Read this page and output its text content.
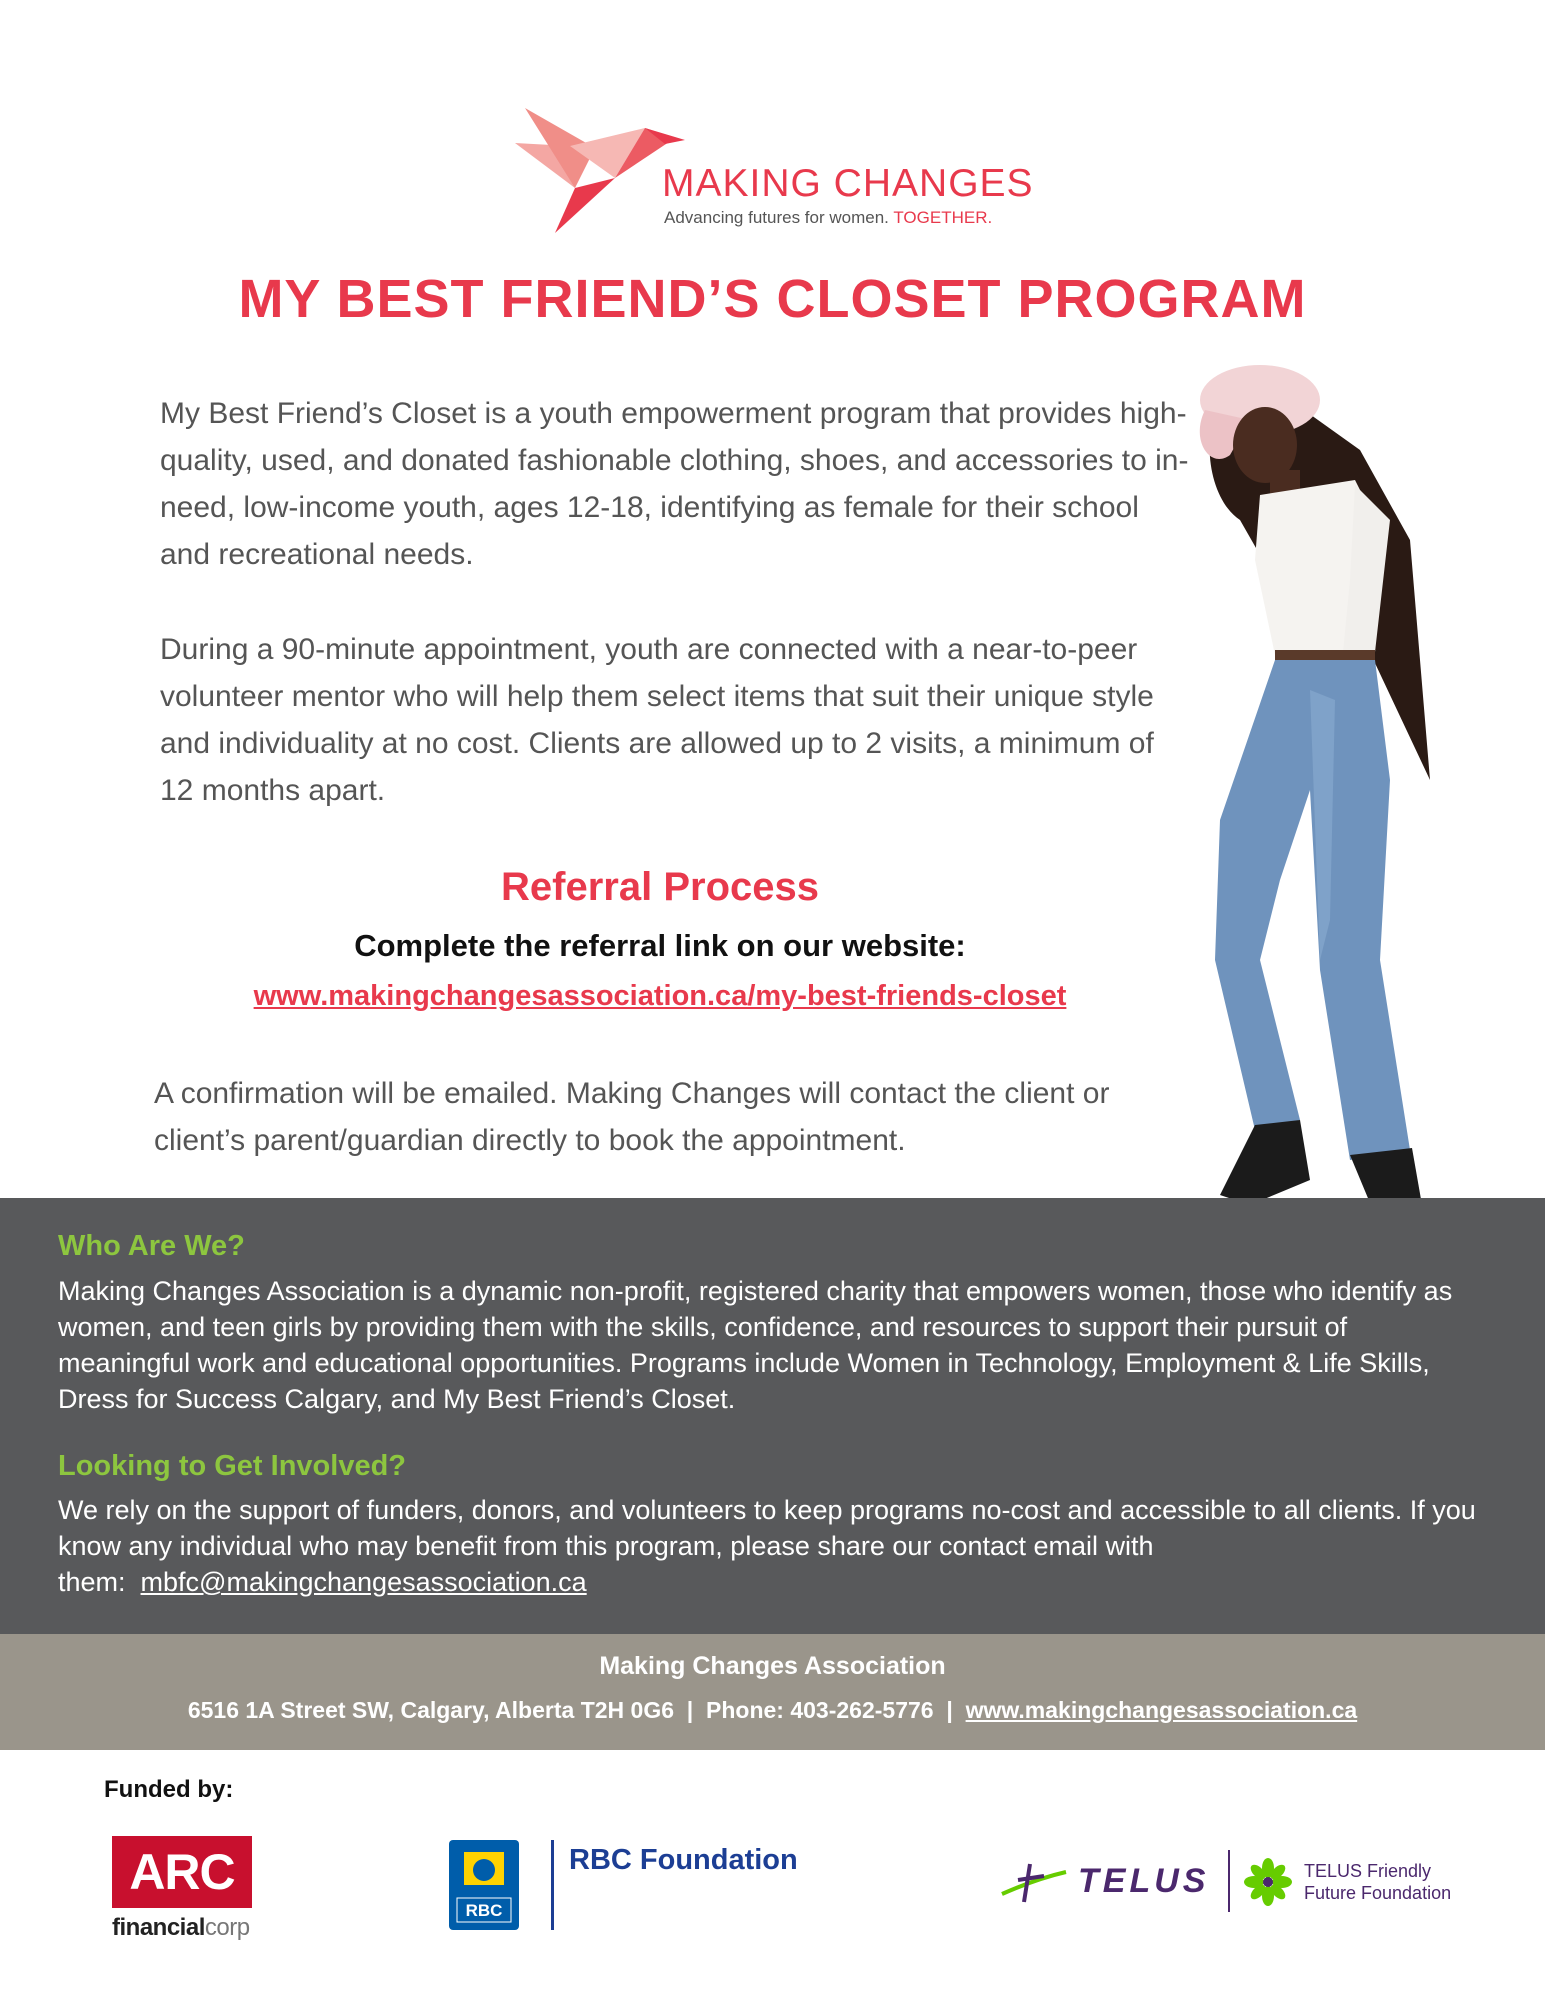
MAKING CHANGES
Advancing futures for women. TOGETHER.
MY BEST FRIEND’S CLOSET PROGRAM
My Best Friend’s Closet is a youth empowerment program that provides high-quality, used, and donated fashionable clothing, shoes, and accessories to in-need, low-income youth, ages 12-18, identifying as female for their school and recreational needs.
During a 90-minute appointment, youth are connected with a near-to-peer volunteer mentor who will help them select items that suit their unique style and individuality at no cost. Clients are allowed up to 2 visits, a minimum of 12 months apart.
Referral Process
Complete the referral link on our website:
www.makingchangesassociation.ca/my-best-friends-closet
A confirmation will be emailed. Making Changes will contact the client or client’s parent/guardian directly to book the appointment.
Who Are We?
Making Changes Association is a dynamic non-profit, registered charity that empowers women, those who identify as women, and teen girls by providing them with the skills, confidence, and resources to support their pursuit of meaningful work and educational opportunities. Programs include Women in Technology, Employment & Life Skills, Dress for Success Calgary, and My Best Friend’s Closet.
Looking to Get Involved?
We rely on the support of funders, donors, and volunteers to keep programs no-cost and accessible to all clients. If you know any individual who may benefit from this program, please share our contact email with them: mbfc@makingchangesassociation.ca
Making Changes Association
6516 1A Street SW, Calgary, Alberta T2H 0G6 | Phone: 403-262-5776 | www.makingchangesassociation.ca
Funded by:
ARC
financialcorp
RBC
RBC Foundation
TELUS	TELUS Friendly
Future Foundation
